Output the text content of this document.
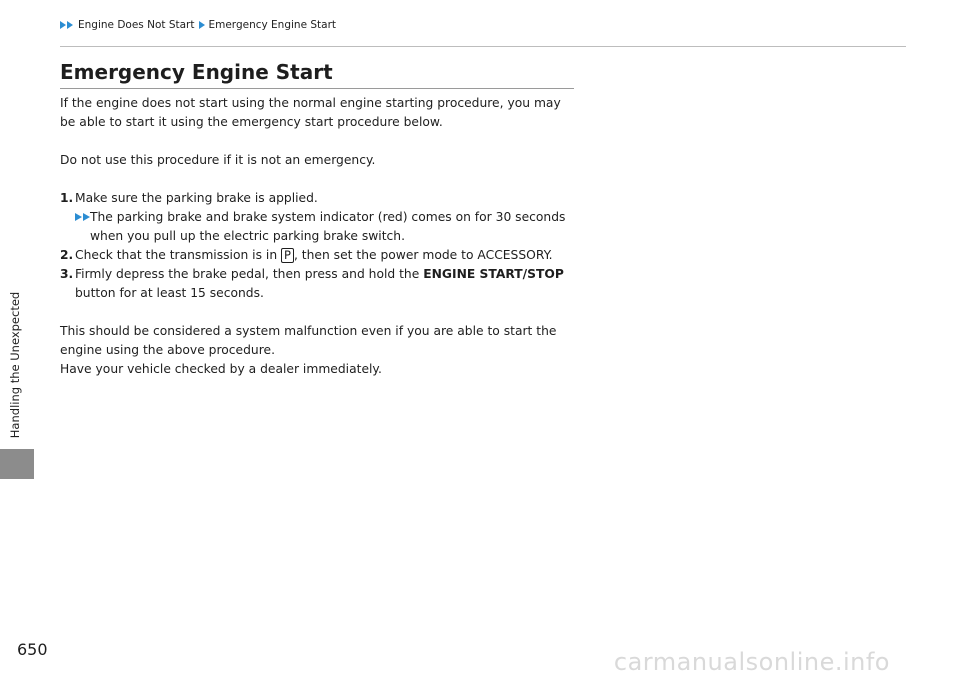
Engine Does Not Start Emergency Engine Start
Handling the Unexpected
650
Emergency Engine Start

If the engine does not start using the normal engine starting procedure, you may be able to start it using the emergency start procedure below.

Do not use this procedure if it is not an emergency.

1. Make sure the parking brake is applied.
The parking brake and brake system indicator (red) comes on for 30 seconds when you pull up the electric parking brake switch.
2. Check that the transmission is in P , then set the power mode to ACCESSORY.
3. Firmly depress the brake pedal, then press and hold the ENGINE START/STOP button for at least 15 seconds.

This should be considered a system malfunction even if you are able to start the engine using the above procedure.

Have your vehicle checked by a dealer immediately.

carmanualsonline.info
